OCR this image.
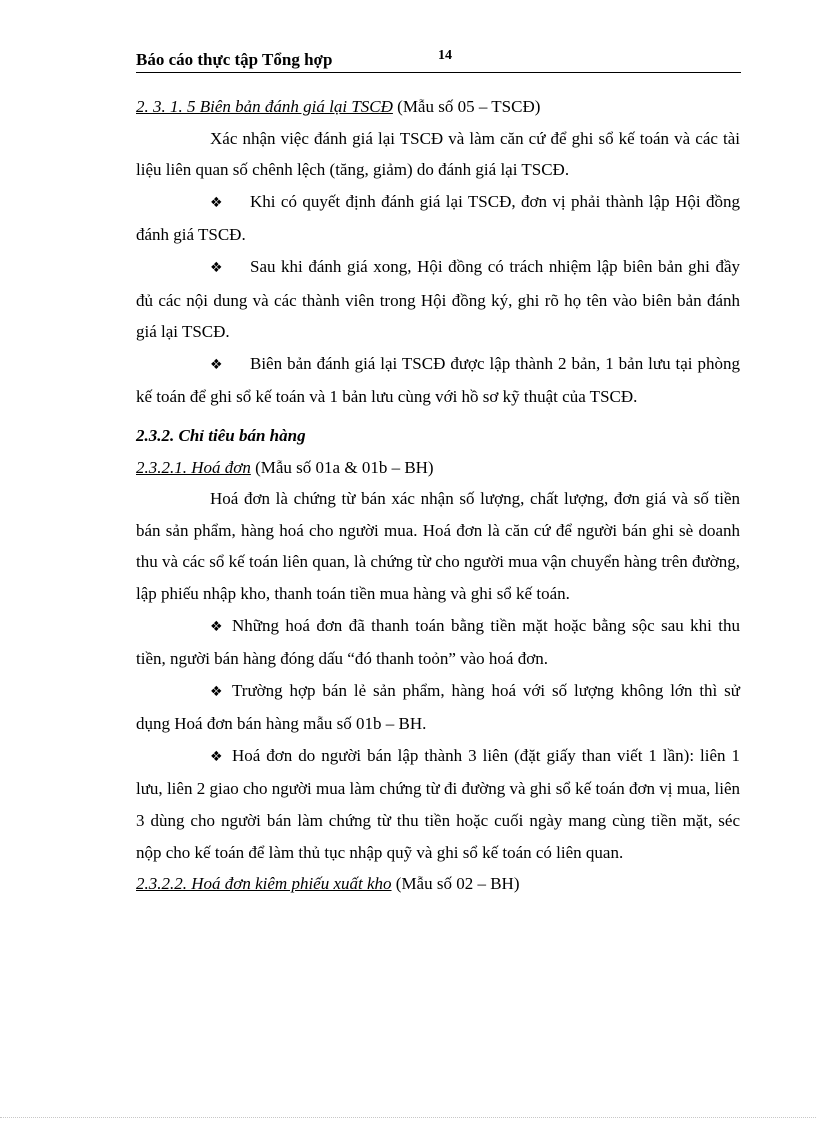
Báo cáo thực tập Tổng hợp	14

2. 3. 1. 5 Biên bản đánh giá lại TSCĐ (Mẫu số 05 – TSCĐ)

Xác nhận việc đánh giá lại TSCĐ và làm căn cứ để ghi sổ kế toán và các tài liệu liên quan số chênh lệch (tăng, giảm) do đánh giá lại TSCĐ.

❖ Khi có quyết định đánh giá lại TSCĐ, đơn vị phải thành lập Hội đồng đánh giá TSCĐ.

❖ Sau khi đánh giá xong, Hội đồng có trách nhiệm lập biên bản ghi đầy đủ các nội dung và các thành viên trong Hội đồng ký, ghi rõ họ tên vào biên bản đánh giá lại TSCĐ.

❖ Biên bản đánh giá lại TSCĐ được lập thành 2 bản, 1 bản lưu tại phòng kế toán để ghi sổ kế toán và 1 bản lưu cùng với hồ sơ kỹ thuật của TSCĐ.

2.3.2. Chỉ tiêu bán hàng

2.3.2.1. Hoá đơn (Mẫu số 01a & 01b – BH)

Hoá đơn là chứng từ bán xác nhận số lượng, chất lượng, đơn giá và số tiền bán sản phẩm, hàng hoá cho người mua. Hoá đơn là căn cứ để người bán ghi sè doanh thu và các sổ kế toán liên quan, là chứng từ cho người mua vận chuyển hàng trên đường, lập phiếu nhập kho, thanh toán tiền mua hàng và ghi sổ kế toán.

❖ Những hoá đơn đã thanh toán bằng tiền mặt hoặc bằng sộc sau khi thu tiền, người bán hàng đóng dấu “đó thanh toỏn” vào hoá đơn.

❖ Trường hợp bán lẻ sản phẩm, hàng hoá với số lượng không lớn thì sử dụng Hoá đơn bán hàng mẫu số 01b – BH.

❖ Hoá đơn do người bán lập thành 3 liên (đặt giấy than viết 1 lần): liên 1 lưu, liên 2 giao cho người mua làm chứng từ đi đường và ghi sổ kế toán đơn vị mua, liên 3 dùng cho người bán làm chứng từ thu tiền hoặc cuối ngày mang cùng tiền mặt, séc nộp cho kế toán để làm thủ tục nhập quỹ và ghi sổ kế toán có liên quan.

2.3.2.2. Hoá đơn kiêm phiếu xuất kho (Mẫu số 02 – BH)
